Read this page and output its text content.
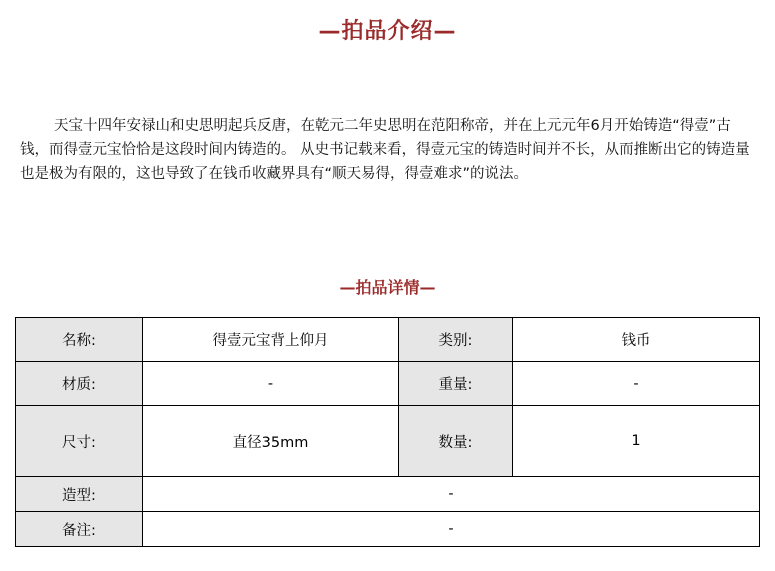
—拍品介绍—
天宝十四年安禄山和史思明起兵反唐，在乾元二年史思明在范阳称帝，并在上元元年6月开始铸造“得壹”古钱，而得壹元宝恰恰是这段时间内铸造的。 从史书记载来看，得壹元宝的铸造时间并不长，从而推断出它的铸造量也是极为有限的，这也导致了在钱币收藏界具有“顺天易得，得壹难求”的说法。
—拍品详情—
名称:	得壹元宝背上仰月	类别:	钱币
材质:	-	重量:	-
尺寸:	直径35mm	数量:	1
造型:	-		
备注:	-		
